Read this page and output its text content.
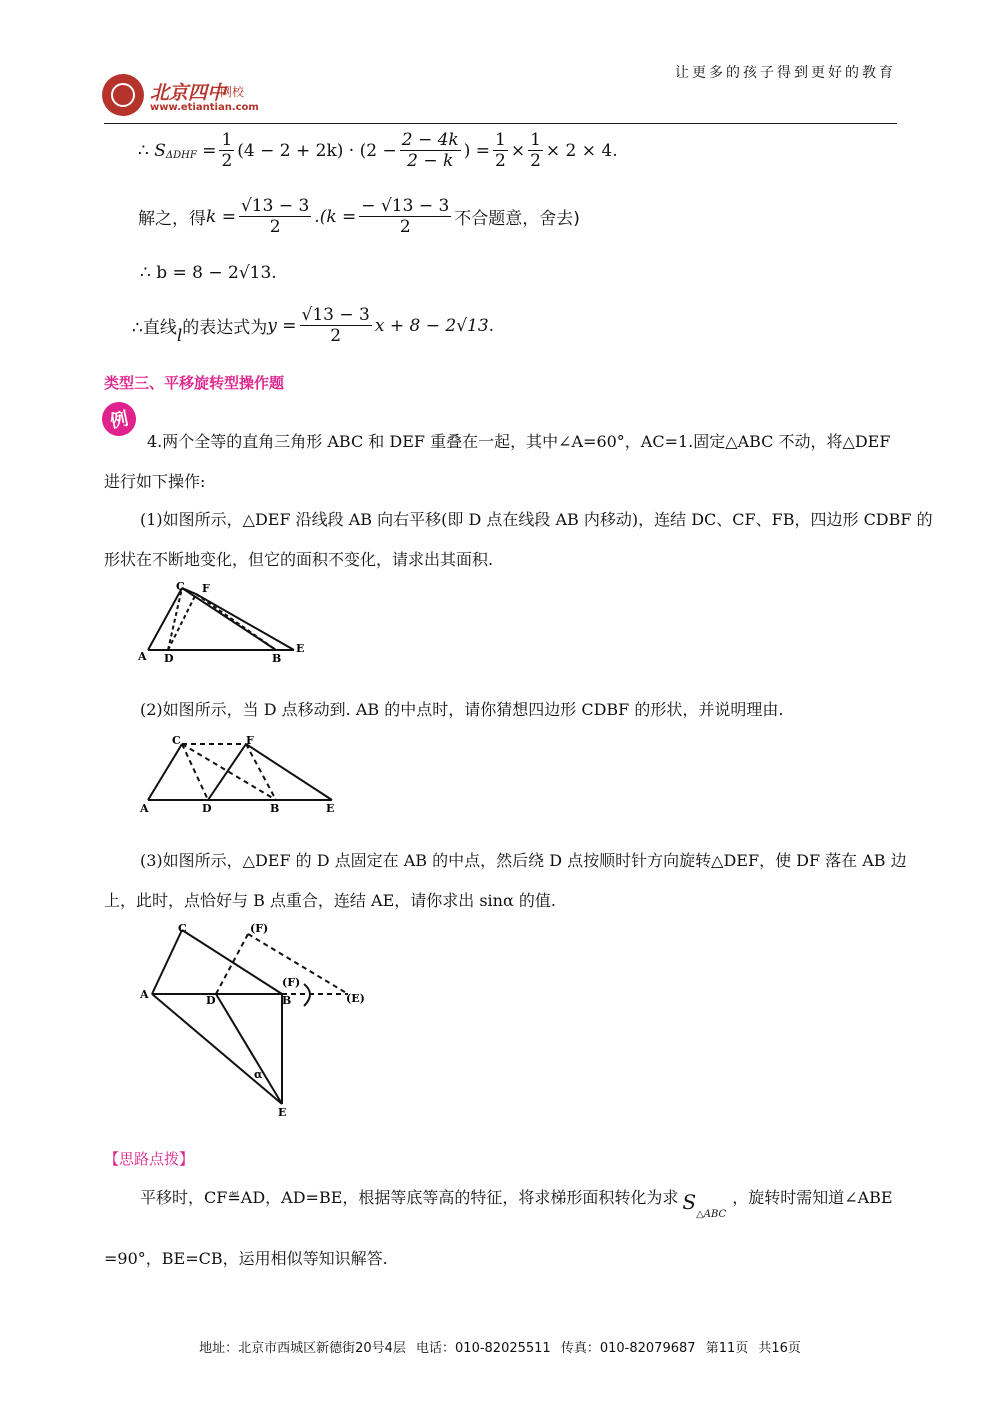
北京四中
网校
www.etiantian.com
让更多的孩子得到更好的教育
∴
S ΔDHF
= $\frac{1}{2} (4 - 2 + 2k) \cdot (2 - \frac{2 - 4k}{2 - k}$ ) = $\frac{1}{2} \times \frac{1}{2} \times 2 \times 4$.
解之，得 $k = \frac{√13 - 3}{2} .(k = \frac{- √13 - 3}{2}$ 不合题意，舍去)
∴ b = 8 − 2√13.
∴直线 l 的表达式为 $y = \frac{√13 - 3}{2}$ x + 8 − 2√13.
类型三、平移旋转型操作题
例
4.两个全等的直角三角形 ABC 和 DEF 重叠在一起，其中∠A=60°，AC=1.固定△ABC 不动，将△DEF
进行如下操作:
(1)如图所示，△DEF 沿线段 AB 向右平移(即 D 点在线段 AB 内移动)，连结 DC、CF、FB，四边形 CDBF 的
形状在不断地变化，但它的面积不变化，请求出其面积.
A
C F
D	B
E
(2)如图所示，当 D 点移动到. AB 的中点时，请你猜想四边形 CDBF 的形状，并说明理由.
C	F
A	D	B	E
(3)如图所示，△DEF 的 D 点固定在 AB 的中点，然后绕 D 点按顺时针方向旋转△DEF，使 DF 落在 AB 边
上，此时，点恰好与 B 点重合，连结 AE，请你求出 sinα 的值.
C	(F)
A	D
(F)
B	(E)
α
E
【思路点拨】
平移时，CF ≝ AD，AD=BE，根据等底等高的特征，将求梯形面积转化为求 S
△ABC
，旋转时需知道∠ABE
=90°，BE=CB，运用相似等知识解答.
地址：北京市西城区新德街20号4层 电话：010-82025511 传真：010-82079687 第11页 共16页
